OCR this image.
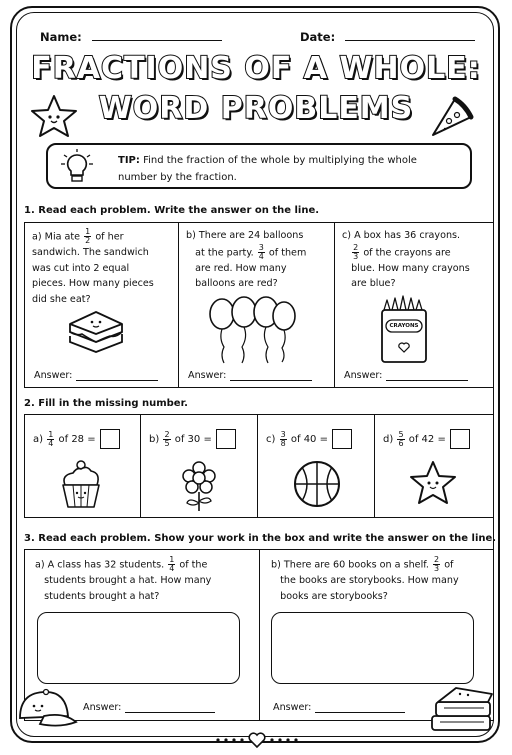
Name:	Date:
FRACTIONS OF A WHOLE:
WORD PROBLEMS
TIP: Find the fraction of the whole by multiplying the whole number by the fraction.
1. Read each problem. Write the answer on the line.
a) Mia ate $\frac{1}{2}$ of her
sandwich. The sandwich
was cut into 2 equal
pieces. How many pieces
did she eat?
Answer:
b) There are 24 balloons
at the party. $\frac{3}{4}$ of them
are red. How many
balloons are red?
Answer:
c) A box has 36 crayons.

$\frac{2}{3}$ of the crayons are
blue. How many crayons
are blue?
CRAYONS
Answer:
2. Fill in the missing number.
$a) \frac{1}{4}$ of 28 =	$b) \frac{2}{5}$ of 30 =	$c) \frac{3}{8}$ of 40 =	$d) \frac{5}{6}$ of 42 =
3. Read each problem. Show your work in the box and write the answer on the line.
a) A class has 32 students. $\frac{1}{4}$ of the
students brought a hat. How many
students brought a hat?
Answer:
b) There are 60 books on a shelf. $\frac{2}{3}$ of
the books are storybooks. How many
books are storybooks?
Answer:
